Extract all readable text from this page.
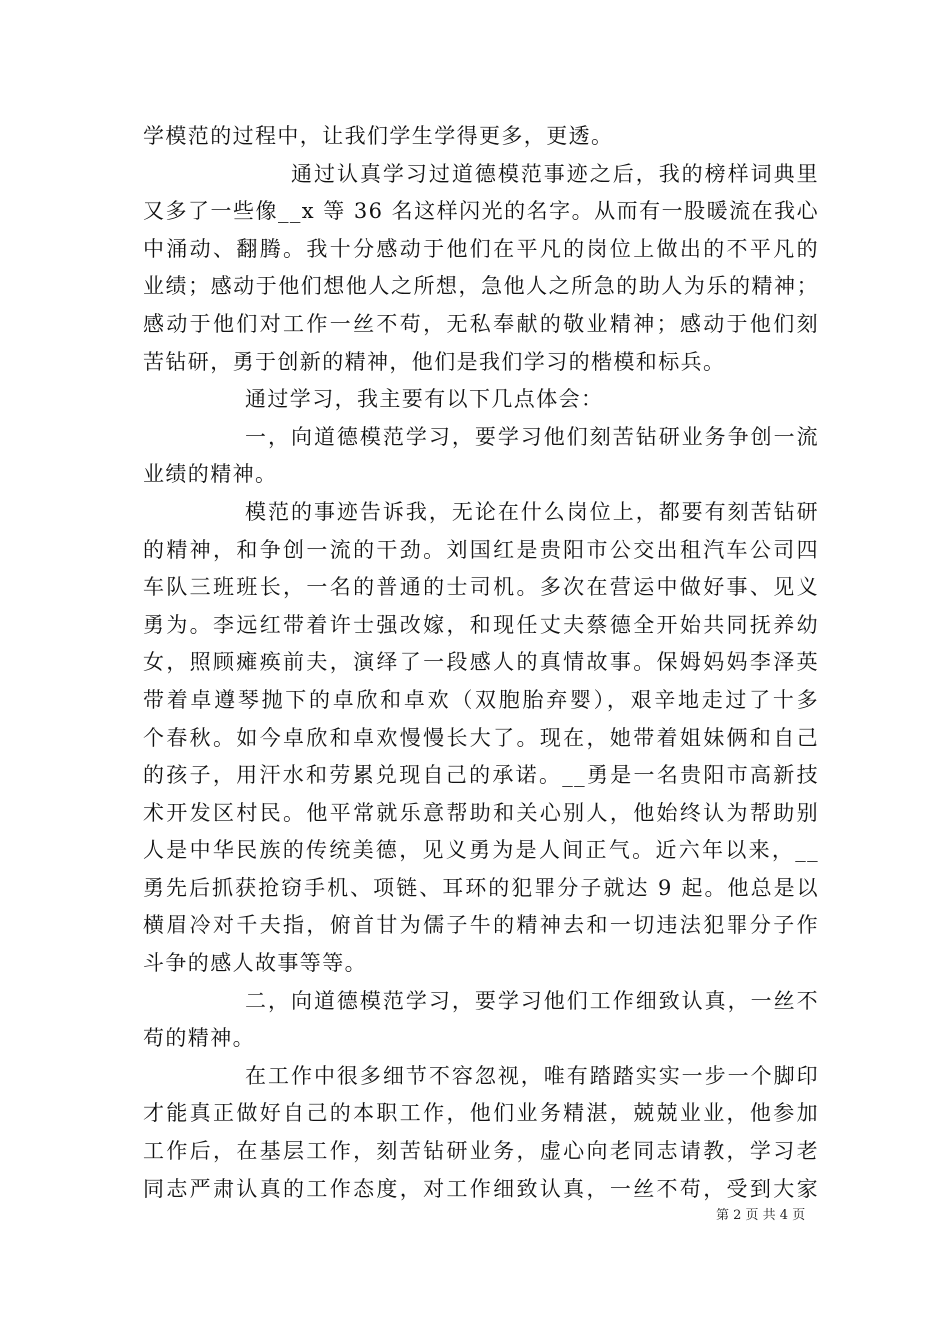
学模范的过程中，让我们学生学得更多，更透。
通过认真学习过道德模范事迹之后，我的榜样词典里
又多了一些像__x 等 36 名这样闪光的名字。从而有一股暖流在我心
中涌动、翻腾。我十分感动于他们在平凡的岗位上做出的不平凡的
业绩；感动于他们想他人之所想，急他人之所急的助人为乐的精神；
感动于他们对工作一丝不苟，无私奉献的敬业精神；感动于他们刻
苦钻研，勇于创新的精神，他们是我们学习的楷模和标兵。
通过学习，我主要有以下几点体会：
一，向道德模范学习，要学习他们刻苦钻研业务争创一流
业绩的精神。
模范的事迹告诉我，无论在什么岗位上，都要有刻苦钻研
的精神，和争创一流的干劲。刘国红是贵阳市公交出租汽车公司四
车队三班班长，一名的普通的士司机。多次在营运中做好事、见义
勇为。李远红带着许士强改嫁，和现任丈夫蔡德全开始共同抚养幼
女，照顾瘫痪前夫，演绎了一段感人的真情故事。保姆妈妈李泽英
带着卓遵琴抛下的卓欣和卓欢（双胞胎弃婴），艰辛地走过了十多
个春秋。如今卓欣和卓欢慢慢长大了。现在，她带着姐妹俩和自己
的孩子，用汗水和劳累兑现自己的承诺。__勇是一名贵阳市高新技
术开发区村民。他平常就乐意帮助和关心别人，他始终认为帮助别
人是中华民族的传统美德，见义勇为是人间正气。近六年以来，__
勇先后抓获抢窃手机、项链、耳环的犯罪分子就达 9 起。他总是以
横眉冷对千夫指，俯首甘为儒子牛的精神去和一切违法犯罪分子作
斗争的感人故事等等。
二，向道德模范学习，要学习他们工作细致认真，一丝不
苟的精神。
在工作中很多细节不容忽视，唯有踏踏实实一步一个脚印
才能真正做好自己的本职工作，他们业务精湛，兢兢业业，他参加
工作后，在基层工作，刻苦钻研业务，虚心向老同志请教，学习老
同志严肃认真的工作态度，对工作细致认真，一丝不苟，受到大家
第 2 页 共 4 页
